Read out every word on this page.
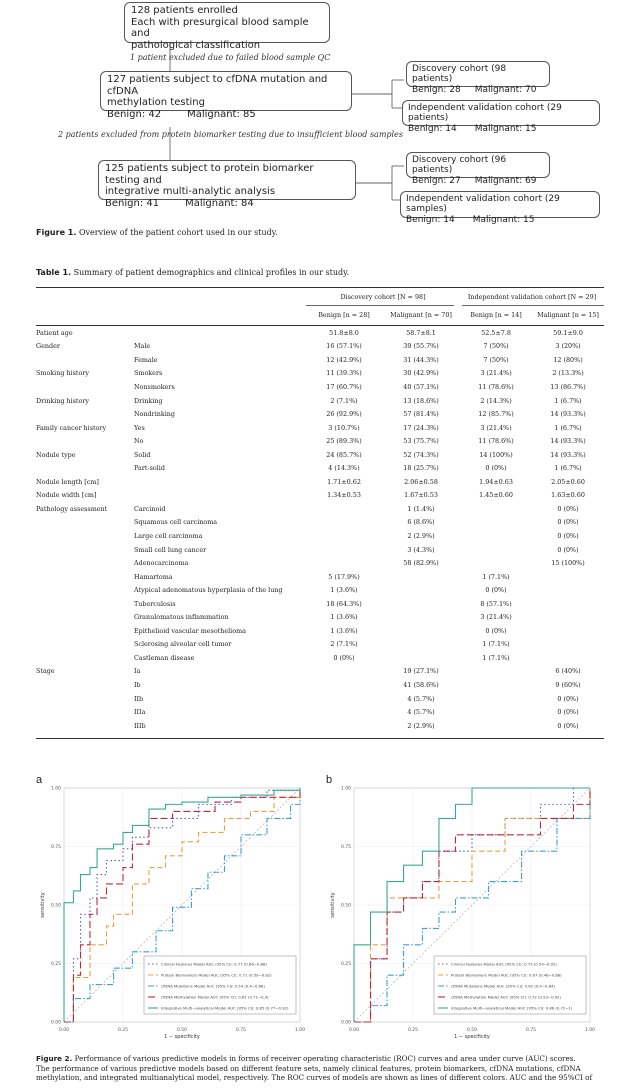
128 patients enrolled
Each with presurgical blood sample and
pathological classification
1 patient excluded due to failed blood sample QC
127 patients subject to cfDNA mutation and cfDNA
methylation testing
Benign: 42	Malignant: 85
Discovery cohort (98 patients)
Benign: 28 Malignant: 70
Independent validation cohort (29 patients)
Benign: 14 Malignant: 15
2 patients excluded from protein biomarker testing due to insufficient blood samples
125 patients subject to protein biomarker testing and
integrative multi-analytic analysis
Benign: 41	Malignant: 84
Discovery cohort (96 patients)
Benign: 27 Malignant: 69
Independent validation cohort (29 samples)
Benign: 14 Malignant: 15
Figure 1. Overview of the patient cohort used in our study.
Table 1. Summary of patient demographics and clinical profiles in our study.
		Discovery cohort [N = 98]		Independent validation cohort [N = 29]	
		Benign [n = 28]	Malignant [n = 70]	Benign [n = 14]	Malignant [n = 15]
Patient age		51.8±8.0	58.7±8.1	52.5±7.8	59.1±9.0
Gender	Male	16 (57.1%)	39 (55.7%)	7 (50%)	3 (20%)
	Female	12 (42.9%)	31 (44.3%)	7 (50%)	12 (80%)
Smoking history	Smokers	11 (39.3%)	30 (42.9%)	3 (21.4%)	2 (13.3%)
	Nonsmokers	17 (60.7%)	40 (57.1%)	11 (78.6%)	13 (86.7%)
Drinking history	Drinking	2 (7.1%)	13 (18.6%)	2 (14.3%)	1 (6.7%)
	Nondrinking	26 (92.9%)	57 (81.4%)	12 (85.7%)	14 (93.3%)
Family cancer history	Yes	3 (10.7%)	17 (24.3%)	3 (21.4%)	1 (6.7%)
	No	25 (89.3%)	53 (75.7%)	11 (78.6%)	14 (93.3%)
Nodule type	Solid	24 (85.7%)	52 (74.3%)	14 (100%)	14 (93.3%)
	Part-solid	4 (14.3%)	18 (25.7%)	0 (0%)	1 (6.7%)
Nodule length [cm]		1.71±0.62	2.06±0.58	1.94±0.63	2.05±0.60
Nodule width [cm]		1.34±0.53	1.67±0.53	1.45±0.60	1.63±0.60
Pathology assessment	Carcinoid		1 (1.4%)		0 (0%)
	Squamous cell carcinoma		6 (8.6%)		0 (0%)
	Large cell carcinoma		2 (2.9%)		0 (0%)
	Small cell lung cancer		3 (4.3%)		0 (0%)
	Adenocarcinoma		58 (82.9%)		15 (100%)
	Hamartoma	5 (17.9%)		1 (7.1%)	
	Atypical adenomatous hyperplasia of the lung	1 (3.6%)		0 (0%)	
	Tuberculosis	18 (64.3%)		8 (57.1%)	
	Granulomatous inflammation	1 (3.6%)		3 (21.4%)	
	Epithelioid vascular mesothelioma	1 (3.6%)		0 (0%)	
	Sclerosing alveolar cell tumor	2 (7.1%)		1 (7.1%)	
	Castleman disease	0 (0%)		1 (7.1%)	
Stage	Ia		19 (27.1%)		6 (40%)
	Ib		41 (58.6%)		9 (60%)
	IIb		4 (5.7%)		0 (0%)
	IIIa		4 (5.7%)		0 (0%)
	IIIb		2 (2.9%)		0 (0%)
a
0.00
0.00
0.25
0.25
0.50
0.50
0.75
0.75
1.00
1.00
1 − specificity
sensitivity
Clinical Features Model AUC (95% CI): 0.77 (0.66−0.88)
Protein Biomarkers Model AUC (95% CI): 0.71 (0.59−0.82)
cfDNA Mutations Model AUC (95% CI): 0.54 (0.4−0.68)
cfDNA Methylation Model AUC (95% CI): 0.81 (0.71−0.9)
Integrative Multi−analytical Model AUC (95% CI): 0.85 (0.77−0.92)
b
0.00
0.00
0.25
0.25
0.50
0.50
0.75
0.75
1.00
1.00
1 − specificity
sensitivity
Clinical Features Model AUC (95% CI): 0.73 (0.54−0.92)
Protein Biomarkers Model AUC (95% CI): 0.67 (0.46−0.88)
cfDNA Mutations Model AUC (95% CI): 0.62 (0.4−0.84)
cfDNA Methylation Model AUC (95% CI): 0.72 (0.53−0.92)
Integrative Multi−analytical Model AUC (95% CI): 0.86 (0.72−1)
Figure 2. Performance of various predictive models in forms of receiver operating characteristic (ROC) curves and area under curve (AUC) scores.
The performance of various predictive models based on different feature sets, namely clinical features, protein biomarkers, cfDNA mutations, cfDNA
methylation, and integrated multianalytical model, respectively. The ROC curves of models are shown as lines of different colors. AUC and the 95%CI of
